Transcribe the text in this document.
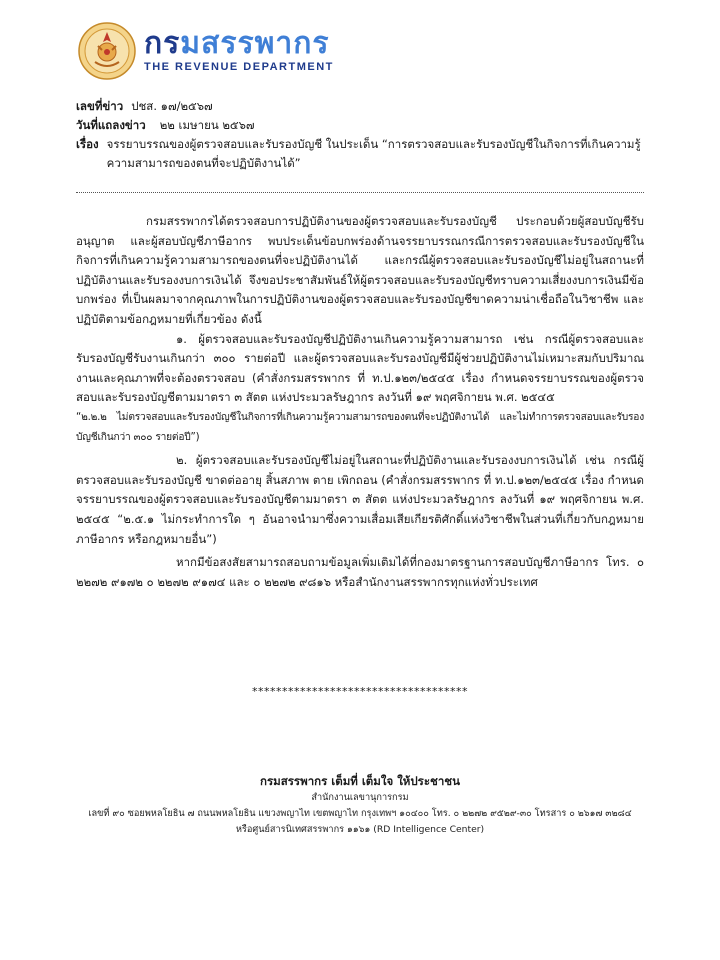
กรมสรรพากร
THE REVENUE DEPARTMENT
เลขที่ข่าว ปชส. ๑๗/๒๕๖๗
วันที่แถลงข่าว ๒๒ เมษายน ๒๕๖๗
เรื่อง จรรยาบรรณของผู้ตรวจสอบและรับรองบัญชี ในประเด็น “การตรวจสอบและรับรองบัญชีในกิจการที่เกินความรู้ความสามารถของตนที่จะปฏิบัติงานได้”

กรมสรรพากรได้ตรวจสอบการปฏิบัติงานของผู้ตรวจสอบและรับรองบัญชี ประกอบด้วยผู้สอบบัญชีรับอนุญาต และผู้สอบบัญชีภาษีอากร พบประเด็นข้อบกพร่องด้านจรรยาบรรณกรณีการตรวจสอบและรับรองบัญชีในกิจการที่เกินความรู้ความสามารถของตนที่จะปฏิบัติงานได้ และกรณีผู้ตรวจสอบและรับรองบัญชีไม่อยู่ในสถานะที่ปฏิบัติงานและรับรองงบการเงินได้ จึงขอประชาสัมพันธ์ให้ผู้ตรวจสอบและรับรองบัญชีทราบความเสี่ยงงบการเงินมีข้อบกพร่อง ที่เป็นผลมาจากคุณภาพในการปฏิบัติงานของผู้ตรวจสอบและรับรองบัญชีขาดความน่าเชื่อถือในวิชาชีพ และปฏิบัติตามข้อกฎหมายที่เกี่ยวข้อง ดังนี้

๑. ผู้ตรวจสอบและรับรองบัญชีปฏิบัติงานเกินความรู้ความสามารถ เช่น กรณีผู้ตรวจสอบและรับรองบัญชีรับงานเกินกว่า ๓๐๐ รายต่อปี และผู้ตรวจสอบและรับรองบัญชีมีผู้ช่วยปฏิบัติงานไม่เหมาะสมกับปริมาณงานและคุณภาพที่จะต้องตรวจสอบ (คำสั่งกรมสรรพากร ที่ ท.ป.๑๒๓/๒๕๔๕ เรื่อง กำหนดจรรยาบรรณของผู้ตรวจสอบและรับรองบัญชีตามมาตรา ๓ สัตต แห่งประมวลรัษฎากร ลงวันที่ ๑๙ พฤศจิกายน พ.ศ. ๒๕๔๕

“๒.๒.๒ ไม่ตรวจสอบและรับรองบัญชีในกิจการที่เกินความรู้ความสามารถของตนที่จะปฏิบัติงานได้ และไม่ทำการตรวจสอบและรับรองบัญชีเกินกว่า ๓๐๐ รายต่อปี”)

๒. ผู้ตรวจสอบและรับรองบัญชีไม่อยู่ในสถานะที่ปฏิบัติงานและรับรองงบการเงินได้ เช่น กรณีผู้ตรวจสอบและรับรองบัญชี ขาดต่ออายุ สิ้นสภาพ ตาย เพิกถอน (คำสั่งกรมสรรพากร ที่ ท.ป.๑๒๓/๒๕๔๕ เรื่อง กำหนดจรรยาบรรณของผู้ตรวจสอบและรับรองบัญชีตามมาตรา ๓ สัตต แห่งประมวลรัษฎากร ลงวันที่ ๑๙ พฤศจิกายน พ.ศ. ๒๕๔๕ “๒.๕.๑ ไม่กระทำการใด ๆ อันอาจนำมาซึ่งความเสื่อมเสียเกียรติศักดิ์แห่งวิชาชีพในส่วนที่เกี่ยวกับกฎหมายภาษีอากร หรือกฎหมายอื่น”)

หากมีข้อสงสัยสามารถสอบถามข้อมูลเพิ่มเติมได้ที่กองมาตรฐานการสอบบัญชีภาษีอากร โทร. ๐ ๒๒๗๒ ๙๑๗๒ ๐ ๒๒๗๒ ๙๑๗๔ และ ๐ ๒๒๗๒ ๙๘๑๖ หรือสำนักงานสรรพากรทุกแห่งทั่วประเทศ

************************************
กรมสรรพากร เต็มที่ เต็มใจ ให้ประชาชน
สำนักงานเลขานุการกรม
เลขที่ ๙๐ ซอยพหลโยธิน ๗ ถนนพหลโยธิน แขวงพญาไท เขตพญาไท กรุงเทพฯ ๑๐๔๐๐ โทร. ๐ ๒๒๗๒ ๙๕๒๙-๓๐ โทรสาร ๐ ๒๖๑๗ ๓๒๘๔
หรือศูนย์สารนิเทศสรรพากร ๑๑๖๑ (RD Intelligence Center)
